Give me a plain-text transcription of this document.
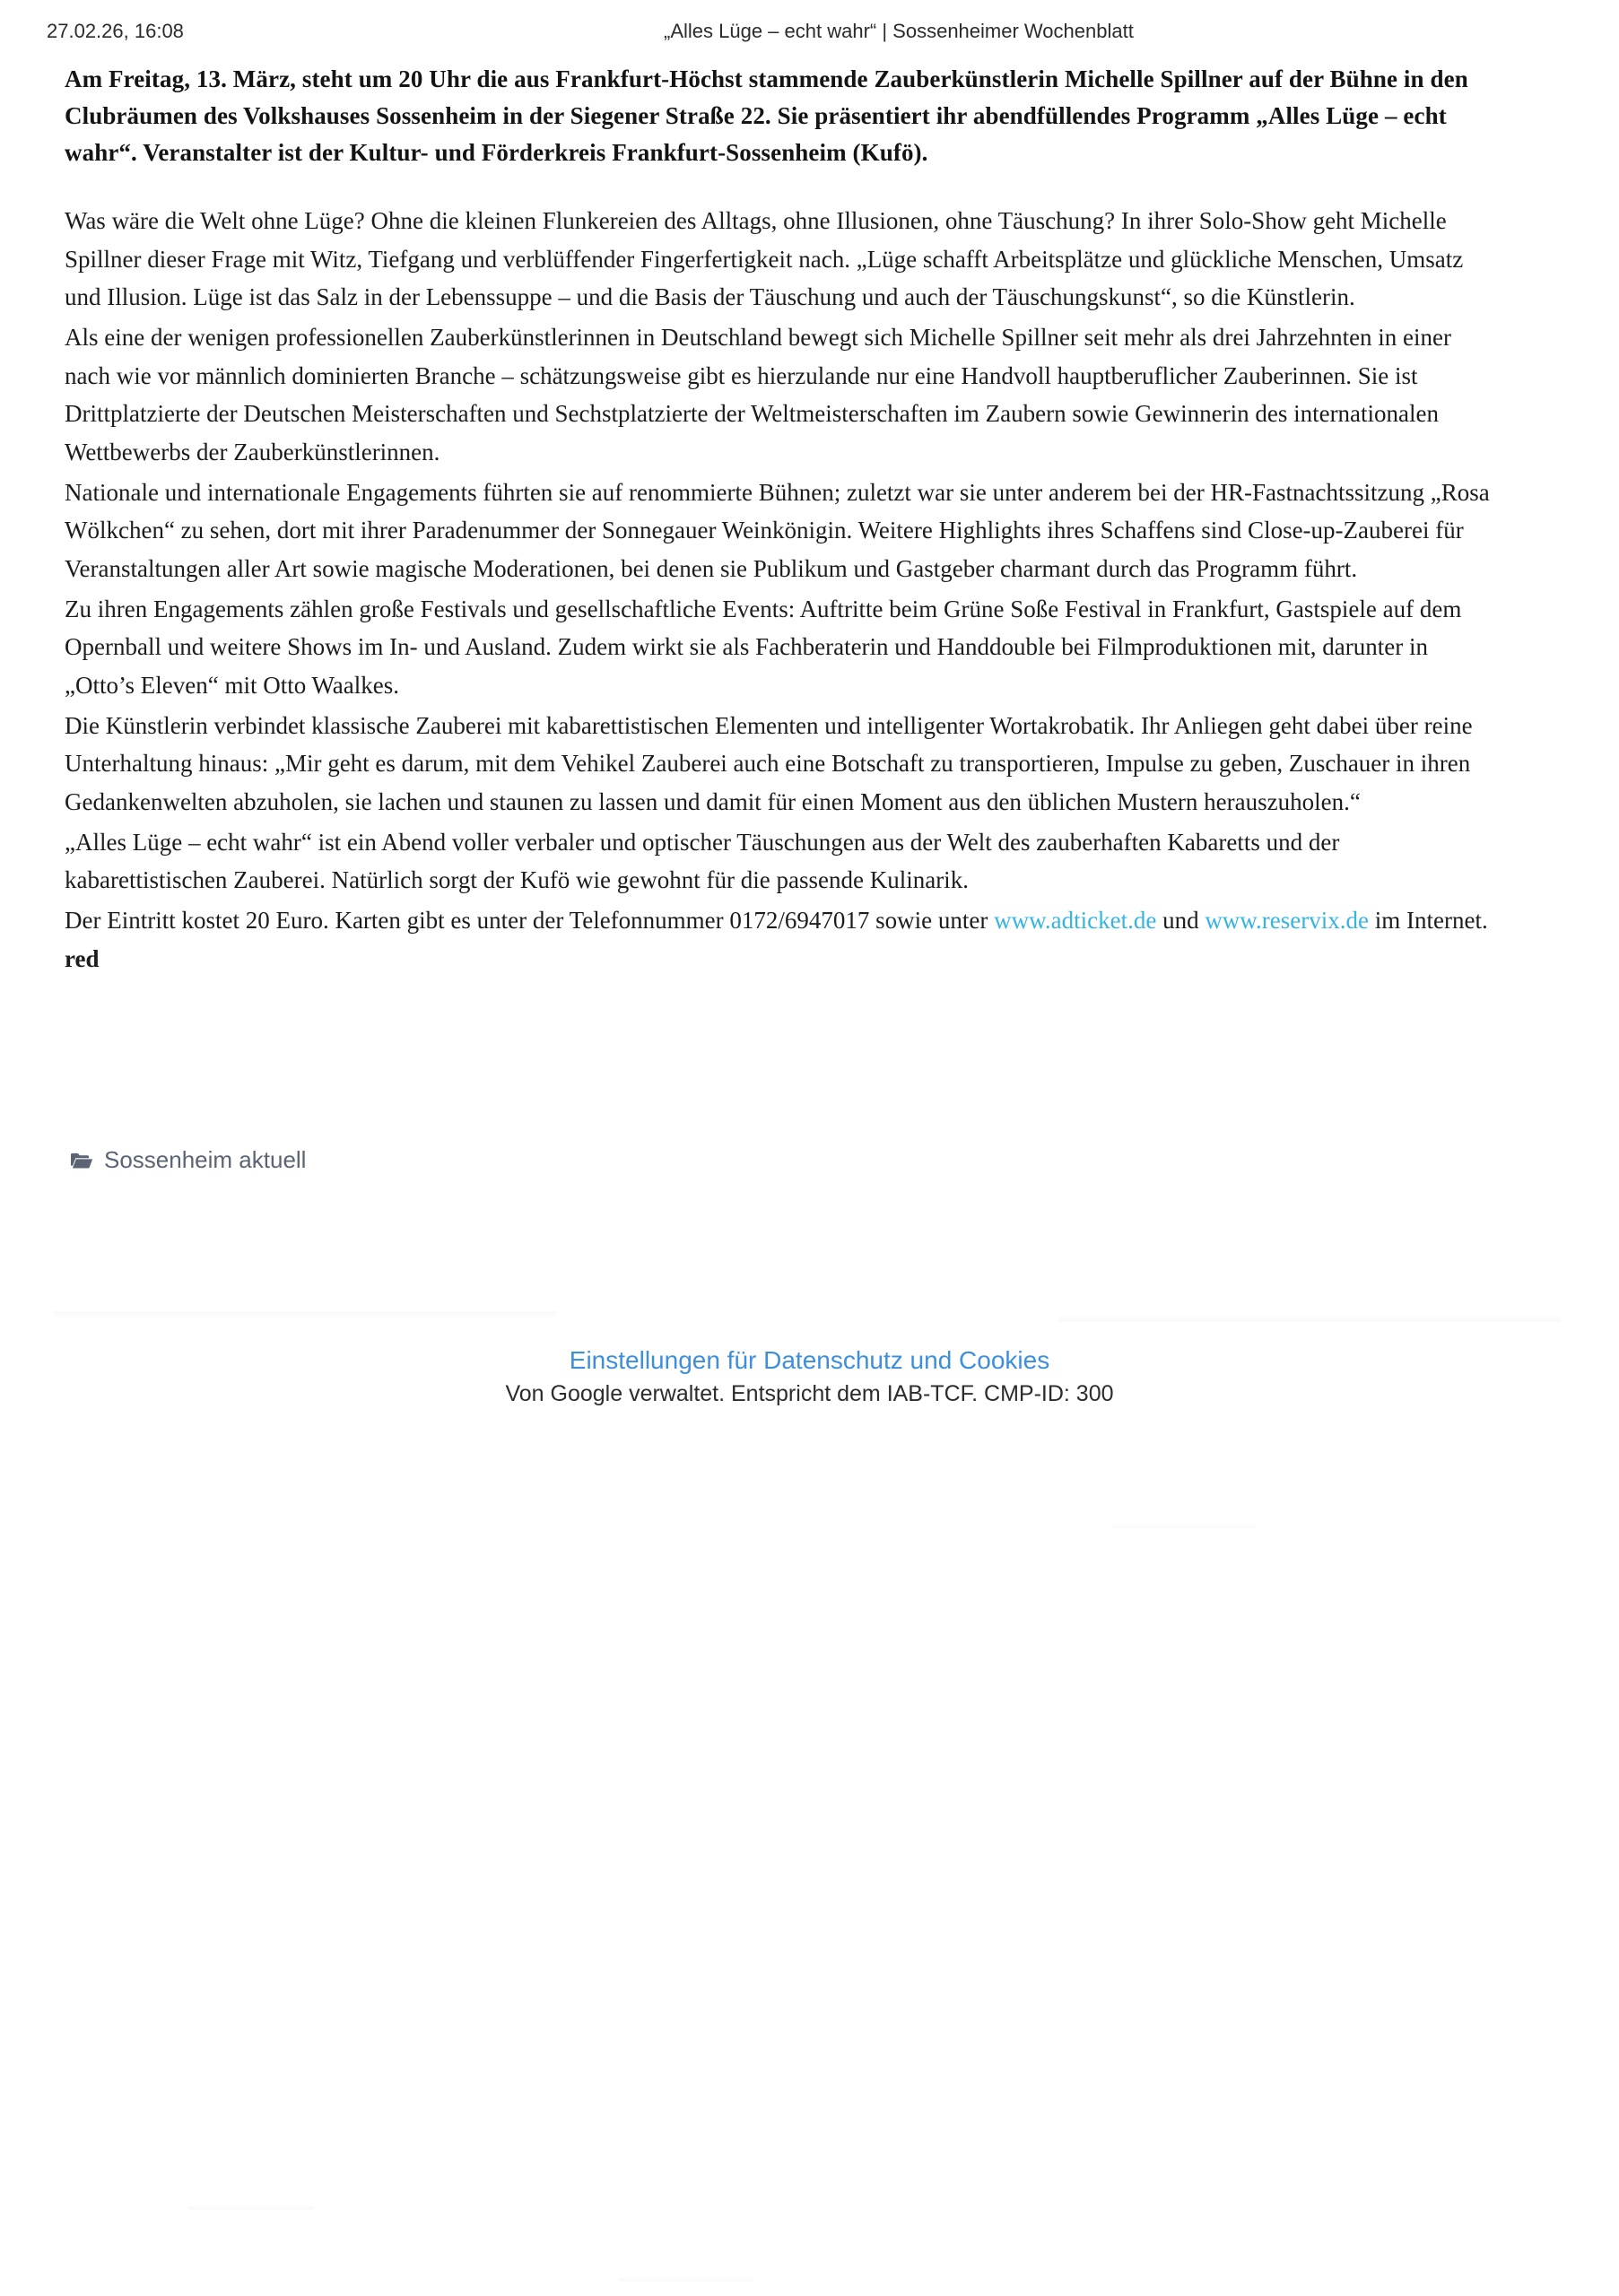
27.02.26, 16:08	„Alles Lüge – echt wahr“ | Sossenheimer Wochenblatt

Am Freitag, 13. März, steht um 20 Uhr die aus Frankfurt-Höchst stammende Zauberkünstlerin Michelle Spillner auf der Bühne in den Clubräumen des Volkshauses Sossenheim in der Siegener Straße 22. Sie präsentiert ihr abendfüllendes Programm „Alles Lüge – echt wahr“. Veranstalter ist der Kultur- und Förderkreis Frankfurt-Sossenheim (Kufö).

Was wäre die Welt ohne Lüge? Ohne die kleinen Flunkereien des Alltags, ohne Illusionen, ohne Täuschung? In ihrer Solo-Show geht Michelle Spillner dieser Frage mit Witz, Tiefgang und verblüffender Fingerfertigkeit nach. „Lüge schafft Arbeitsplätze und glückliche Menschen, Umsatz und Illusion. Lüge ist das Salz in der Lebenssuppe – und die Basis der Täuschung und auch der Täuschungskunst“, so die Künstlerin.

Als eine der wenigen professionellen Zauberkünstlerinnen in Deutschland bewegt sich Michelle Spillner seit mehr als drei Jahrzehnten in einer nach wie vor männlich dominierten Branche – schätzungsweise gibt es hierzulande nur eine Handvoll hauptberuflicher Zauberinnen. Sie ist Drittplatzierte der Deutschen Meisterschaften und Sechstplatzierte der Weltmeisterschaften im Zaubern sowie Gewinnerin des internationalen Wettbewerbs der Zauberkünstlerinnen.

Nationale und internationale Engagements führten sie auf renommierte Bühnen; zuletzt war sie unter anderem bei der HR-Fastnachtssitzung „Rosa Wölkchen“ zu sehen, dort mit ihrer Paradenummer der Sonnegauer Weinkönigin. Weitere Highlights ihres Schaffens sind Close-up-Zauberei für Veranstaltungen aller Art sowie magische Moderationen, bei denen sie Publikum und Gastgeber charmant durch das Programm führt.

Zu ihren Engagements zählen große Festivals und gesellschaftliche Events: Auftritte beim Grüne Soße Festival in Frankfurt, Gastspiele auf dem Opernball und weitere Shows im In- und Ausland. Zudem wirkt sie als Fachberaterin und Handdouble bei Filmproduktionen mit, darunter in „Otto’s Eleven“ mit Otto Waalkes.

Die Künstlerin verbindet klassische Zauberei mit kabarettistischen Elementen und intelligenter Wortakrobatik. Ihr Anliegen geht dabei über reine Unterhaltung hinaus: „Mir geht es darum, mit dem Vehikel Zauberei auch eine Botschaft zu transportieren, Impulse zu geben, Zuschauer in ihren Gedankenwelten abzuholen, sie lachen und staunen zu lassen und damit für einen Moment aus den üblichen Mustern herauszuholen.“

„Alles Lüge – echt wahr“ ist ein Abend voller verbaler und optischer Täuschungen aus der Welt des zauberhaften Kabaretts und der kabarettistischen Zauberei. Natürlich sorgt der Kufö wie gewohnt für die passende Kulinarik.

Der Eintritt kostet 20 Euro. Karten gibt es unter der Telefonnummer 0172/6947017 sowie unter www.adticket.de und www.reservix.de im Internet. red

Sossenheim aktuell
Einstellungen für Datenschutz und Cookies
Von Google verwaltet. Entspricht dem IAB-TCF. CMP-ID: 300
